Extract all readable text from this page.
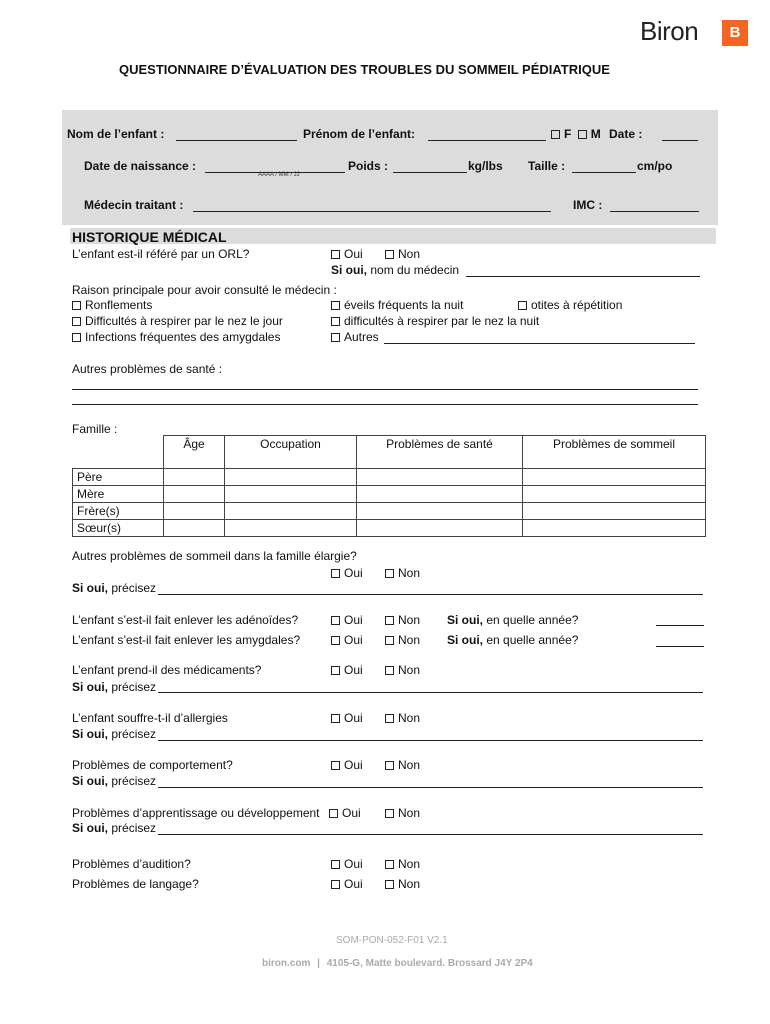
Biron	B
QUESTIONNAIRE D’ÉVALUATION DES TROUBLES DU SOMMEIL PÉDIATRIQUE
Nom de l’enfant :	Prénom de l’enfant:	F M Date :
Date de naissance :
AAAA / MM / JJ
Poids :	kg/lbs Taille :	cm/po
Médecin traitant :	IMC :
HISTORIQUE MÉDICAL
L’enfant est-il référé par un ORL?	Oui	Non
Si oui, nom du médecin
Raison principale pour avoir consulté le médecin :
Ronflements
Difficultés à respirer par le nez le jour
Infections fréquentes des amygdales
éveils fréquents la nuit
difficultés à respirer par le nez la nuit
Autres
otites à répétition
Autres problèmes de santé :
Famille :
	Âge	Occupation	Problèmes de santé	Problèmes de sommeil
Père				
Mère				
Frère(s)				
Sœur(s)				
Autres problèmes de sommeil dans la famille élargie?
Oui	Non
Si oui, précisez
L’enfant s’est-il fait enlever les adénoïdes?	Oui	Non Si oui, en quelle année?
L’enfant s’est-il fait enlever les amygdales?	Oui	Non Si oui, en quelle année?
L’enfant prend-il des médicaments?	Oui	Non
Si oui, précisez
L’enfant souffre-t-il d’allergies	Oui	Non
Si oui, précisez
Problèmes de comportement?	Oui	Non
Si oui, précisez
Problèmes d’apprentissage ou développement	Oui	Non
Si oui, précisez
Problèmes d’audition?	Oui	Non
Problèmes de langage?	Oui	Non
SOM-PON-052-F01 V2.1
biron.com | 4105-G, Matte boulevard. Brossard J4Y 2P4
